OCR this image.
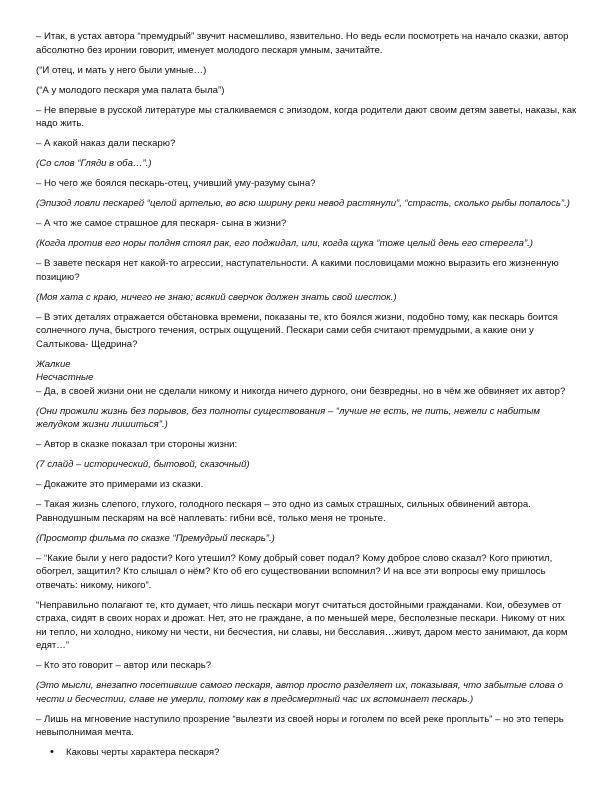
– Итак, в устах автора “премудрый” звучит насмешливо, язвительно. Но ведь если посмотреть на начало сказки, автор абсолютно без иронии говорит, именует молодого пескаря умным, зачитайте.

(“И отец, и мать у него были умные…)

(“А у молодого пескаря ума палата была”)

– Не впервые в русской литературе мы сталкиваемся с эпизодом, когда родители дают своим детям заветы, наказы, как надо жить.

– А какой наказ дали пескарю?

(Со слов “Гляди в оба…”.)

– Но чего же боялся пескарь-отец, учивший уму-разуму сына?

(Эпизод ловли пескарей “целой артелью, во всю ширину реки невод растянули”, “страсть, сколько рыбы попалось”.)

– А что же самое страшное для пескаря- сына в жизни?

(Когда против его норы полдня стоял рак, его поджидал, или, когда щука “тоже целый день его стерегла”.)

– В завете пескаря нет какой-то агрессии, наступательности. А какими пословицами можно выразить его жизненную позицию?

(Моя хата с краю, ничего не знаю; всякий сверчок должен знать свой шесток.)

– В этих деталях отражается обстановка времени, показаны те, кто боялся жизни, подобно тому, как пескарь боится солнечного луча, быстрого течения, острых ощущений. Пескари сами себя считают премудрыми, а какие они у Салтыкова- Щедрина?

Жалкие

Несчастные

– Да, в своей жизни они не сделали никому и никогда ничего дурного, они безвредны, но в чём же обвиняет их автор?

(Они прожили жизнь без порывов, без полноты существования – “лучше не есть, не пить, нежели с набитым желудком жизни лишиться”.)

– Автор в сказке показал три стороны жизни:

(7 слайд – исторический, бытовой, сказочный)

– Докажите это примерами из сказки.

– Такая жизнь слепого, глухого, голодного пескаря – это одно из самых страшных, сильных обвинений автора. Равнодушным пескарям на всё наплевать: гибни всё, только меня не троньте.

(Просмотр фильма по сказке “Премудрый пескарь”.)

– “Какие были у него радости? Кого утешил? Кому добрый совет подал? Кому доброе слово сказал? Кого приютил, обогрел, защитил? Кто слышал о нём? Кто об его существовании вспомнил? И на все эти вопросы ему пришлось отвечать: никому, никого”.

“Неправильно полагают те, кто думает, что лишь пескари могут считаться достойными гражданами. Кои, обезумев от страха, сидят в своих норах и дрожат. Нет, это не граждане, а по меньшей мере, бесполезные пескари. Никому от них ни тепло, ни холодно, никому ни чести, ни бесчестия, ни славы, ни бесславия…живут, даром место занимают, да корм едят…”

– Кто это говорит – автор или пескарь?

(Это мысли, внезапно посетившие самого пескаря, автор просто разделяет их, показывая, что забытые слова о чести и бесчестии, славе не умерли, потому как в предсмертный час их вспоминает пескарь.)

– Лишь на мгновение наступило прозрение “вылезти из своей норы и гоголем по всей реке проплыть” – но это теперь невыполнимая мечта.

• Каковы черты характера пескаря?
